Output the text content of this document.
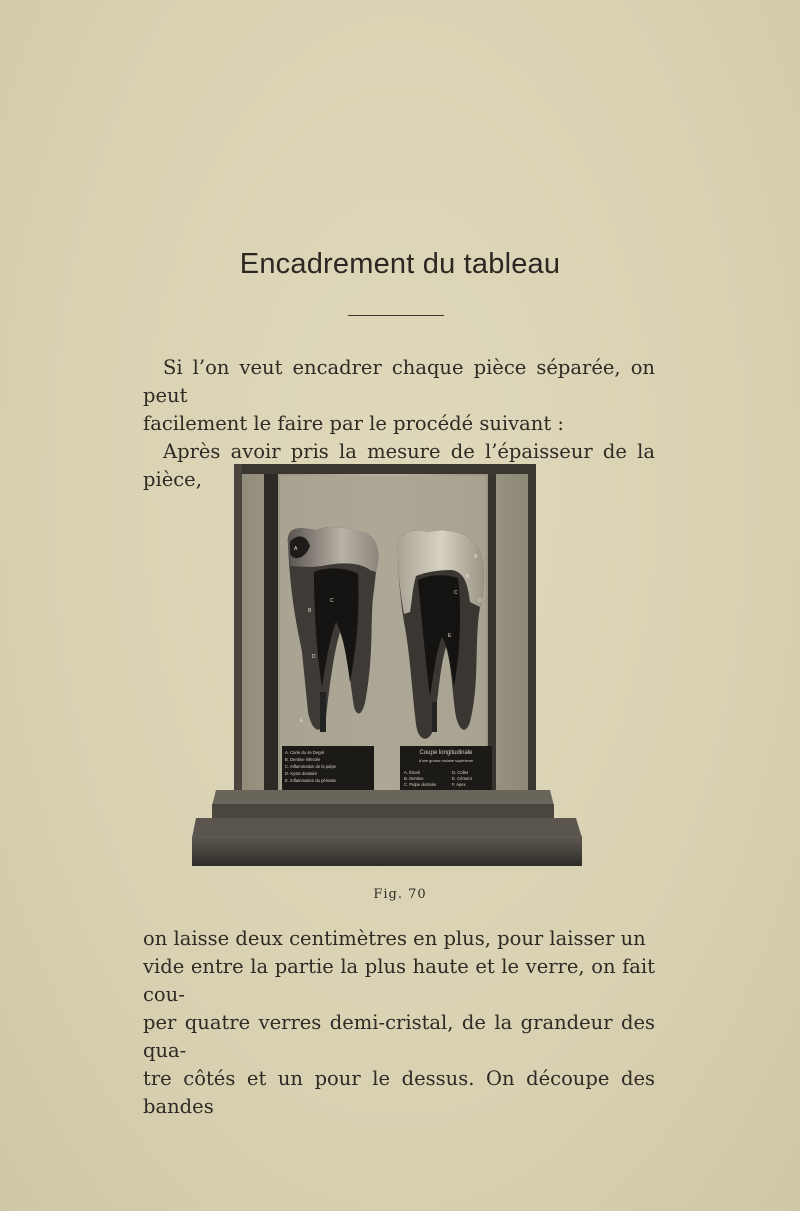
Encadrement du tableau

Si l’on veut encadrer chaque pièce séparée, on peut

facilement le faire par le procédé suivant :

Après avoir pris la mesure de l’épaisseur de la pièce,

A. Carie du 4e Degré
B. Dentine infectée
C. Inflammation de la pulpe
D. Kyste dentaire
E. Inflammation du périoste
Coupe longitudinale
d'une grosse molaire supérieure
A. Émail
B. Dentine
C. Pulpe dentaire
D. Collet
E. Cément
F. Apex
A
B
C
D
E
A
B
C
D
E
Fig. 70

on laisse deux centimètres en plus, pour laisser un

vide entre la partie la plus haute et le verre, on fait cou-

per quatre verres demi-cristal, de la grandeur des qua-

tre côtés et un pour le dessus. On découpe des bandes
